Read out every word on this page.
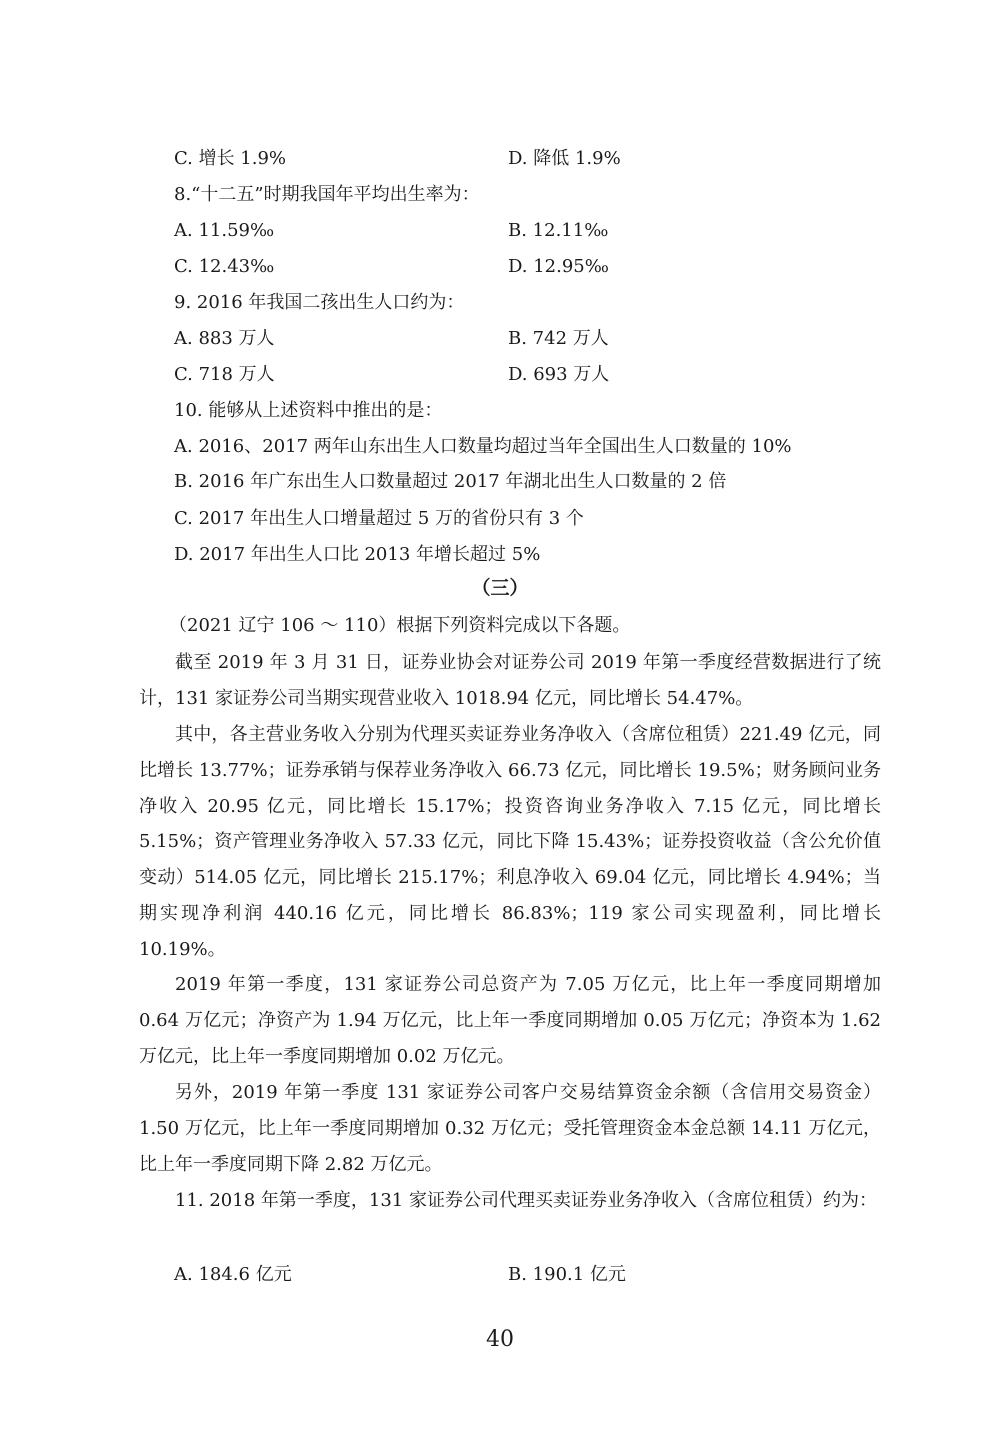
C. 增长 1.9%	D. 降低 1.9%
8.“十二五”时期我国年平均出生率为：
A. 11.59‰	B. 12.11‰
C. 12.43‰	D. 12.95‰
9. 2016 年我国二孩出生人口约为：
A. 883 万人	B. 742 万人
C. 718 万人	D. 693 万人
10. 能够从上述资料中推出的是：
A. 2016、2017 两年山东出生人口数量均超过当年全国出生人口数量的 10%
B. 2016 年广东出生人口数量超过 2017 年湖北出生人口数量的 2 倍
C. 2017 年出生人口增量超过 5 万的省份只有 3 个
D. 2017 年出生人口比 2013 年增长超过 5%
（三）
（2021 辽宁 106 ～ 110）根据下列资料完成以下各题。
截至 2019 年 3 月 31 日，证券业协会对证券公司 2019 年第一季度经营数据进行了统计，131 家证券公司当期实现营业收入 1018.94 亿元，同比增长 54.47%。
其中，各主营业务收入分别为代理买卖证券业务净收入（含席位租赁）221.49 亿元，同比增长 13.77%；证券承销与保荐业务净收入 66.73 亿元，同比增长 19.5%；财务顾问业务净收入 20.95 亿元，同比增长 15.17%；投资咨询业务净收入 7.15 亿元，同比增长 5.15%；资产管理业务净收入 57.33 亿元，同比下降 15.43%；证券投资收益（含公允价值变动）514.05 亿元，同比增长 215.17%；利息净收入 69.04 亿元，同比增长 4.94%；当期实现净利润 440.16 亿元，同比增长 86.83%；119 家公司实现盈利，同比增长 10.19%。
2019 年第一季度，131 家证券公司总资产为 7.05 万亿元，比上年一季度同期增加 0.64 万亿元；净资产为 1.94 万亿元，比上年一季度同期增加 0.05 万亿元；净资本为 1.62 万亿元，比上年一季度同期增加 0.02 万亿元。
另外，2019 年第一季度 131 家证券公司客户交易结算资金余额（含信用交易资金）1.50 万亿元，比上年一季度同期增加 0.32 万亿元；受托管理资金本金总额 14.11 万亿元，比上年一季度同期下降 2.82 万亿元。
11. 2018 年第一季度，131 家证券公司代理买卖证券业务净收入（含席位租赁）约为：
A. 184.6 亿元	B. 190.1 亿元
40
